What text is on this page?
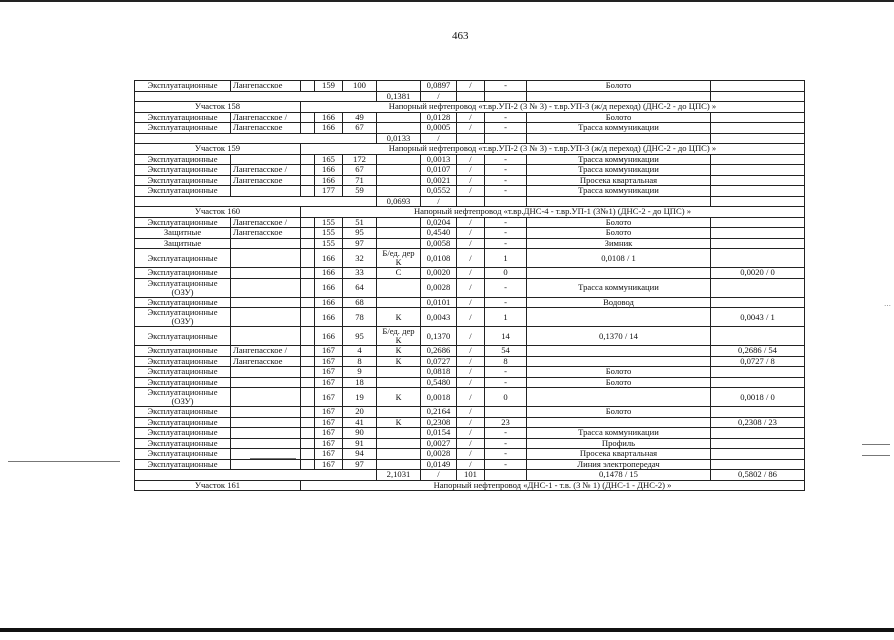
463
Эксплуатационные	Лангепасское		159	100		0,0897	/	-	Болото	
					0,1381	/				
Участок 158		Напорный нефтепровод «т.вр.УП-2 (3 № 3) - т.вр.УП-3 (ж/д переход) (ДНС-2 - до ЦПС) »								
Эксплуатационные	Лангепасское /		166	49		0,0128	/	-	Болото	
Эксплуатационные	Лангепасское		166	67		0,0005	/	-	Трасса коммуникации	
					0,0133	/				
Участок 159		Напорный нефтепровод «т.вр.УП-2 (3 № 3) - т.вр.УП-3 (ж/д переход) (ДНС-2 - до ЦПС) »								
Эксплуатационные			165	172		0,0013	/	-	Трасса коммуникации	
Эксплуатационные	Лангепасское /		166	67		0,0107	/	-	Трасса коммуникации	
Эксплуатационные	Лангепасское		166	71		0,0021	/	-	Просека квартальная	
Эксплуатационные			177	59		0,0552	/	-	Трасса коммуникации	
					0,0693	/				
Участок 160		Напорный нефтепровод «т.вр.ДНС-4 - т.вр.УП-1 (3№1) (ДНС-2 - до ЦПС) »								
Эксплуатационные	Лангепасское /		155	51		0,0204	/	-	Болото	
Защитные	Лангепасское		155	95		0,4540	/	-	Болото	
Защитные			155	97		0,0058	/	-	Зимник	
Эксплуатационные			166	32	Б/ед. дер К	0,0108	/	1	0,0108 / 1	
Эксплуатационные			166	33	С	0,0020	/	0		0,0020 / 0
Эксплуатационные (ОЗУ)			166	64		0,0028	/	-	Трасса коммуникации	
Эксплуатационные			166	68		0,0101	/	-	Водовод	
Эксплуатационные (ОЗУ)			166	78	К	0,0043	/	1		0,0043 / 1
Эксплуатационные			166	95	Б/ед. дер К	0,1370	/	14	0,1370 / 14	
Эксплуатационные	Лангепасское /		167	4	К	0,2686	/	54		0,2686 / 54
Эксплуатационные	Лангепасское		167	8	К	0,0727	/	8		0,0727 / 8
Эксплуатационные			167	9		0,0818	/	-	Болото	
Эксплуатационные			167	18		0,5480	/	-	Болото	
Эксплуатационные (ОЗУ)			167	19	К	0,0018	/	0		0,0018 / 0
Эксплуатационные			167	20		0,2164	/		Болото	
Эксплуатационные			167	41	К	0,2308	/	23		0,2308 / 23
Эксплуатационные			167	90		0,0154	/	-	Трасса коммуникации	
Эксплуатационные			167	91		0,0027	/	-	Профиль	
Эксплуатационные			167	94		0,0028	/	-	Просека квартальная	
Эксплуатационные			167	97		0,0149	/	-	Линия электропередач	
					2,1031	/	101		0,1478 / 15	0,5802 / 86
Участок 161		Напорный нефтепровод «ДНС-1 - т.в. (3 № 1) (ДНС-1 - ДНС-2) »								
…
